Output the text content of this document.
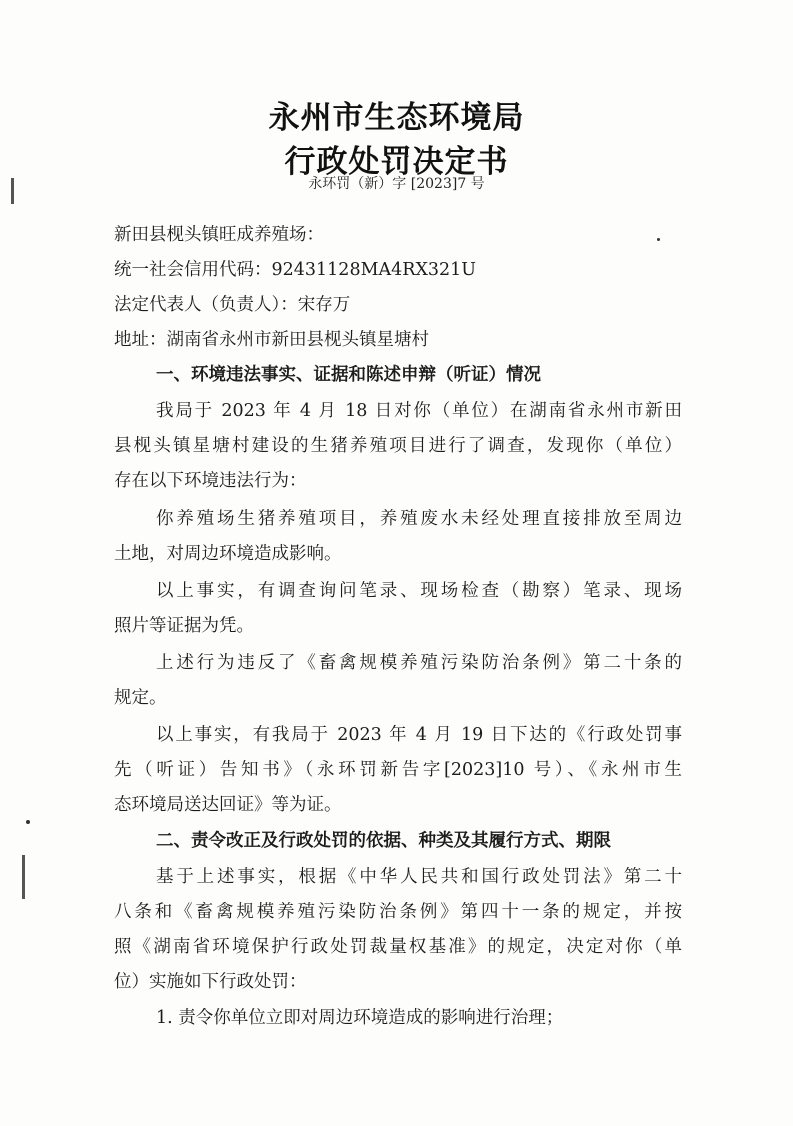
永州市生态环境局
行政处罚决定书
永环罚（新）字 [2023]7 号
新田县枧头镇旺成养殖场：
统一社会信用代码：92431128MA4RX321U
法定代表人（负责人）：宋存万
地址：湖南省永州市新田县枧头镇星塘村
一、环境违法事实、证据和陈述申辩（听证）情况
我局于 2023 年 4 月 18 日对你（单位）在湖南省永州市新田
县枧头镇星塘村建设的生猪养殖项目进行了调查，发现你（单位）
存在以下环境违法行为：
你养殖场生猪养殖项目，养殖废水未经处理直接排放至周边
土地，对周边环境造成影响。
以上事实，有调查询问笔录、现场检查（勘察）笔录、现场
照片等证据为凭。
上述行为违反了《畜禽规模养殖污染防治条例》第二十条的
规定。
以上事实，有我局于 2023 年 4 月 19 日下达的《行政处罚事
先（听证）告知书》（永环罚新告字[2023]10 号）、《永州市生
态环境局送达回证》等为证。
二、责令改正及行政处罚的依据、种类及其履行方式、期限
基于上述事实，根据《中华人民共和国行政处罚法》第二十
八条和《畜禽规模养殖污染防治条例》第四十一条的规定，并按
照《湖南省环境保护行政处罚裁量权基准》的规定，决定对你（单
位）实施如下行政处罚：
1. 责令你单位立即对周边环境造成的影响进行治理；
